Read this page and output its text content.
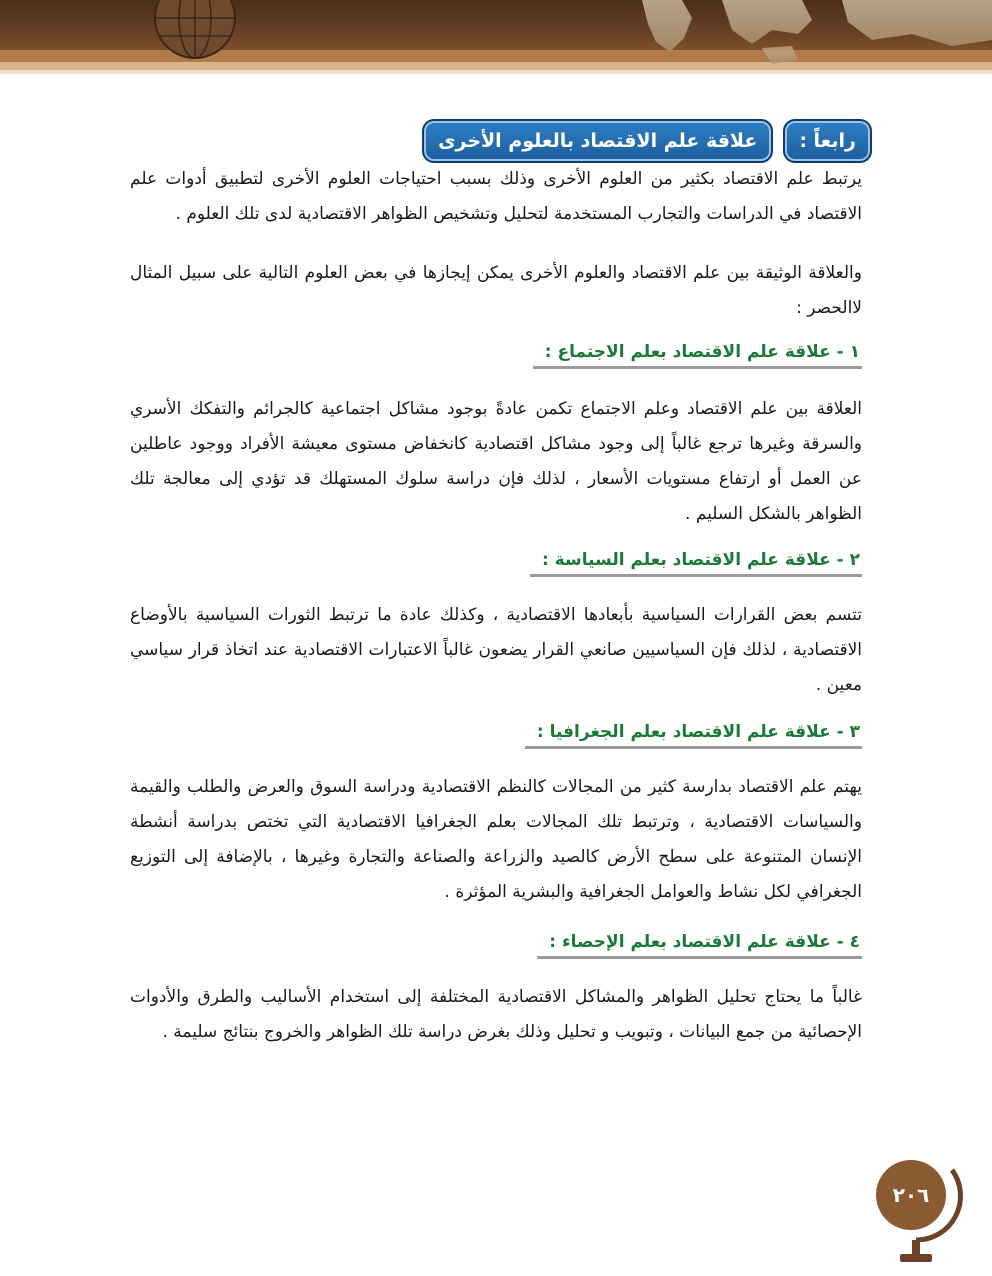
رابعاً :
علاقة علم الاقتصاد بالعلوم الأخرى

يرتبط علم الاقتصاد بكثير من العلوم الأخرى وذلك بسبب احتياجات العلوم الأخرى لتطبيق أدوات علم الاقتصاد في الدراسات والتجارب المستخدمة لتحليل وتشخيص الظواهر الاقتصادية لدى تلك العلوم .

والعلاقة الوثيقة بين علم الاقتصاد والعلوم الأخرى يمكن إيجازها في بعض العلوم التالية على سبيل المثال لاالحصر :

١ - علاقة علم الاقتصاد بعلم الاجتماع :

العلاقة بين علم الاقتصاد وعلم الاجتماع تكمن عادةً بوجود مشاكل اجتماعية كالجرائم والتفكك الأسري والسرقة وغيرها ترجع غالباً إلى وجود مشاكل اقتصادية كانخفاض مستوى معيشة الأفراد ووجود عاطلين عن العمل أو ارتفاع مستويات الأسعار ، لذلك فإن دراسة سلوك المستهلك قد تؤدي إلى معالجة تلك الظواهر بالشكل السليم .

٢ - علاقة علم الاقتصاد بعلم السياسة :

تتسم بعض القرارات السياسية بأبعادها الاقتصادية ، وكذلك عادة ما ترتبط الثورات السياسية بالأوضاع الاقتصادية ، لذلك فإن السياسيين صانعي القرار يضعون غالباً الاعتبارات الاقتصادية عند اتخاذ قرار سياسي معين .

٣ - علاقة علم الاقتصاد بعلم الجغرافيا :

يهتم علم الاقتصاد بدارسة كثير من المجالات كالنظم الاقتصادية ودراسة السوق والعرض والطلب والقيمة والسياسات الاقتصادية ، وترتبط تلك المجالات بعلم الجغرافيا الاقتصادية التي تختص بدراسة أنشطة الإنسان المتنوعة على سطح الأرض كالصيد والزراعة والصناعة والتجارة وغيرها ، بالإضافة إلى التوزيع الجغرافي لكل نشاط والعوامل الجغرافية والبشرية المؤثرة .

٤ - علاقة علم الاقتصاد بعلم الإحصاء :

غالباً ما يحتاج تحليل الظواهر والمشاكل الاقتصادية المختلفة إلى استخدام الأساليب والطرق والأدوات الإحصائية من جمع البيانات ، وتبويب و تحليل وذلك بغرض دراسة تلك الظواهر والخروج بنتائج سليمة .

٢٠٦
